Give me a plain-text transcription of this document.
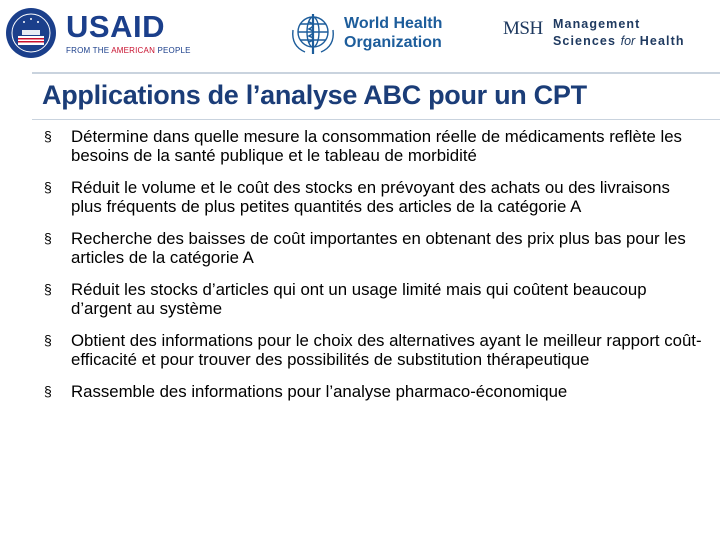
USAID
FROM THE AMERICAN PEOPLE
World Health
Organization
MSH Management
Sciences for Health
Applications de l’analyse ABC pour un CPT
§ Détermine dans quelle mesure la consommation réelle de médicaments reflète les besoins de la santé publique et le tableau de morbidité
§ Réduit le volume et le coût des stocks en prévoyant des achats ou des livraisons plus fréquents de plus petites quantités des articles de la catégorie A
§ Recherche des baisses de coût importantes en obtenant des prix plus bas pour les articles de la catégorie A
§ Réduit les stocks d’articles qui ont un usage limité mais qui coûtent beaucoup d’argent au système
§ Obtient des informations pour le choix des alternatives ayant le meilleur rapport coût-efficacité et pour trouver des possibilités de substitution thérapeutique
§ Rassemble des informations pour l’analyse pharmaco-économique
